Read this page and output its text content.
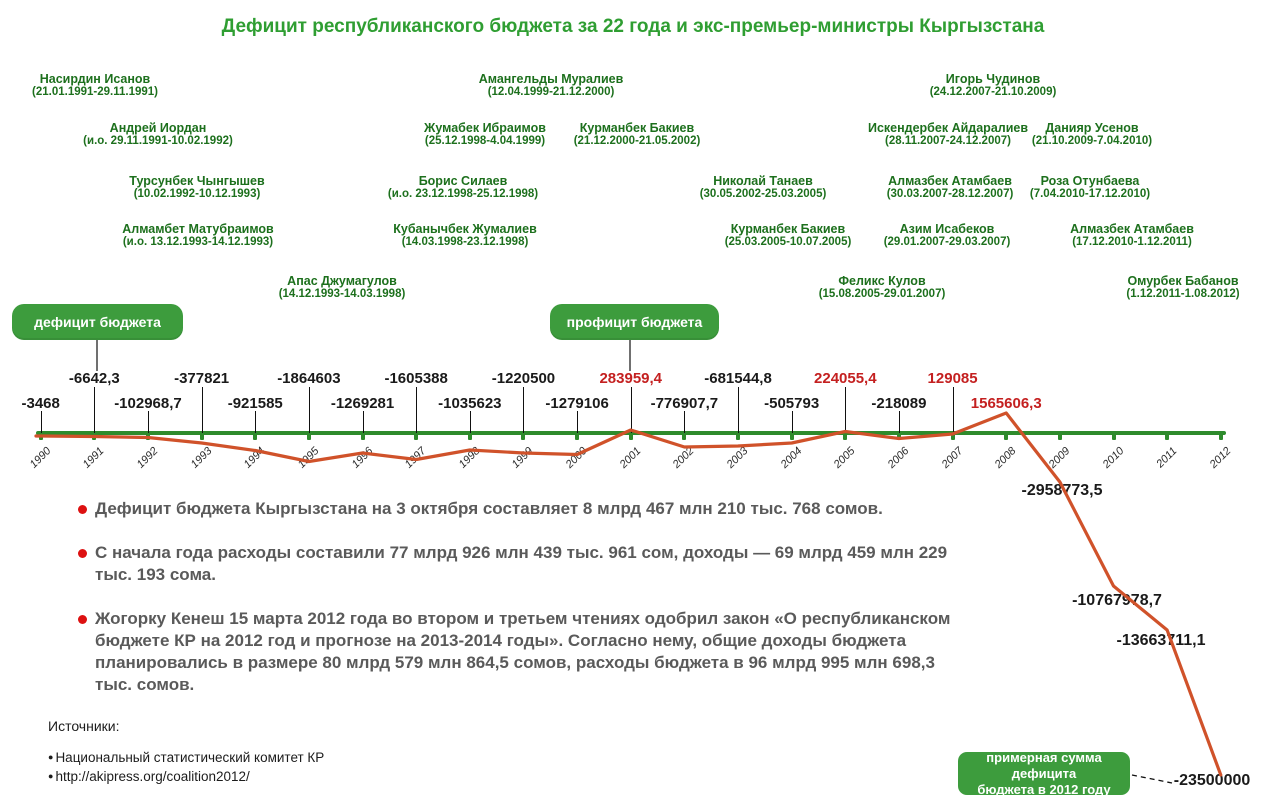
Дефицит республиканского бюджета за 22 года и экс-премьер-министры Кыргызстана
Насирдин Исанов
(21.01.1991-29.11.1991)
Андрей Иордан
(и.о. 29.11.1991-10.02.1992)
Турсунбек Чынгышев
(10.02.1992-10.12.1993)
Алмамбет Матубраимов
(и.о. 13.12.1993-14.12.1993)
Апас Джумагулов
(14.12.1993-14.03.1998)
Жумабек Ибраимов
(25.12.1998-4.04.1999)
Борис Силаев
(и.о. 23.12.1998-25.12.1998)
Кубанычбек Жумалиев
(14.03.1998-23.12.1998)
Амангельды Муралиев
(12.04.1999-21.12.2000)
Курманбек Бакиев
(21.12.2000-21.05.2002)
Николай Танаев
(30.05.2002-25.03.2005)
Курманбек Бакиев
(25.03.2005-10.07.2005)
Феликс Кулов
(15.08.2005-29.01.2007)
Азим Исабеков
(29.01.2007-29.03.2007)
Алмазбек Атамбаев
(30.03.2007-28.12.2007)
Искендербек Айдаралиев
(28.11.2007-24.12.2007)
Игорь Чудинов
(24.12.2007-21.10.2009)
Данияр Усенов
(21.10.2009-7.04.2010)
Роза Отунбаева
(7.04.2010-17.12.2010)
Алмазбек Атамбаев
(17.12.2010-1.12.2011)
Омурбек Бабанов
(1.12.2011-1.08.2012)
дефицит бюджета	профицит бюджета
1990
-3468
1991
-6642,3
1992
-102968,7
1993
-377821
1994
-921585
1995
-1864603
1996
-1269281
1997
-1605388
1998
-1035623
1999
-1220500
2000
-1279106
2001
283959,4
2002
-776907,7
2003
-681544,8
2004
-505793
2005
224055,4
2006
-218089
2007
129085
2008
1565606,3
2009
-2958773,5
2010
-10767978,7
2011
-13663711,1
2012
-23500000
Дефицит бюджета Кыргызстана на 3 октября составляет 8 млрд 467 млн 210 тыс. 768 сомов.
С начала года расходы составили 77 млрд 926 млн 439 тыс. 961 сом, доходы — 69 млрд 459 млн 229 тыс. 193 сома.
Жогорку Кенеш 15 марта 2012 года во втором и третьем чтениях одобрил закон «О республиканском бюджете КР на 2012 год и прогнозе на 2013-2014 годы». Согласно нему, общие доходы бюджета планировались в размере 80 млрд 579 млн 864,5 сомов, расходы бюджета в 96 млрд 995 млн 698,3 тыс. сомов.
Источники:
● Национальный статистический комитет КР
● http://akipress.org/coalition2012/
примерная сумма дефицита
бюджета в 2012 году
